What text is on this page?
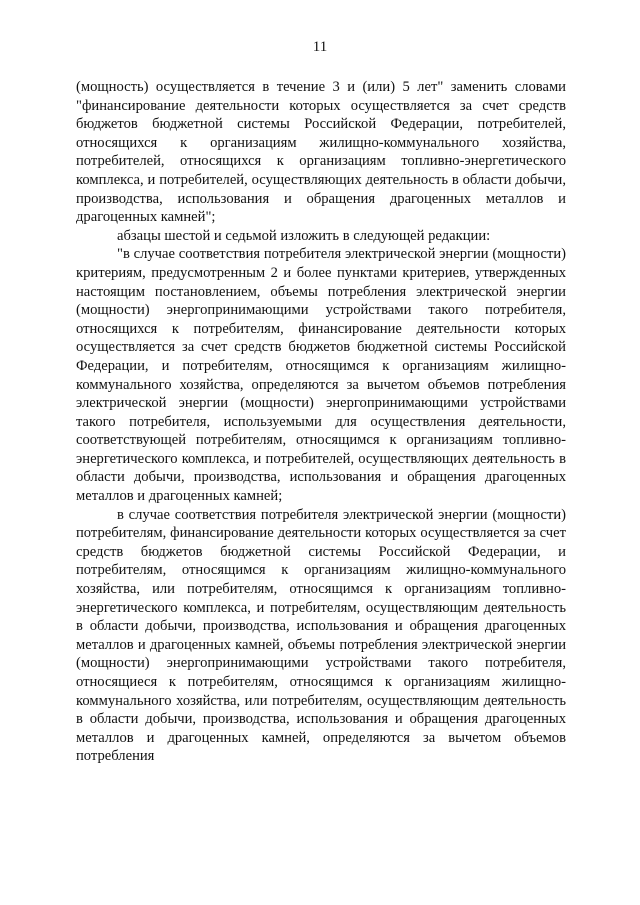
11

(мощность) осуществляется в течение 3 и (или) 5 лет" заменить словами "финансирование деятельности которых осуществляется за счет средств бюджетов бюджетной системы Российской Федерации, потребителей, относящихся к организациям жилищно-коммунального хозяйства, потребителей, относящихся к организациям топливно-энергетического комплекса, и потребителей, осуществляющих деятельность в области добычи, производства, использования и обращения драгоценных металлов и драгоценных камней";

абзацы шестой и седьмой изложить в следующей редакции:

"в случае соответствия потребителя электрической энергии (мощности) критериям, предусмотренным 2 и более пунктами критериев, утвержденных настоящим постановлением, объемы потребления электрической энергии (мощности) энергопринимающими устройствами такого потребителя, относящихся к потребителям, финансирование деятельности которых осуществляется за счет средств бюджетов бюджетной системы Российской Федерации, и потребителям, относящимся к организациям жилищно-коммунального хозяйства, определяются за вычетом объемов потребления электрической энергии (мощности) энергопринимающими устройствами такого потребителя, используемыми для осуществления деятельности, соответствующей потребителям, относящимся к организациям топливно-энергетического комплекса, и потребителей, осуществляющих деятельность в области добычи, производства, использования и обращения драгоценных металлов и драгоценных камней;

в случае соответствия потребителя электрической энергии (мощности) потребителям, финансирование деятельности которых осуществляется за счет средств бюджетов бюджетной системы Российской Федерации, и потребителям, относящимся к организациям жилищно-коммунального хозяйства, или потребителям, относящимся к организациям топливно-энергетического комплекса, и потребителям, осуществляющим деятельность в области добычи, производства, использования и обращения драгоценных металлов и драгоценных камней, объемы потребления электрической энергии (мощности) энергопринимающими устройствами такого потребителя, относящиеся к потребителям, относящимся к организациям жилищно-коммунального хозяйства, или потребителям, осуществляющим деятельность в области добычи, производства, использования и обращения драгоценных металлов и драгоценных камней, определяются за вычетом объемов потребления
